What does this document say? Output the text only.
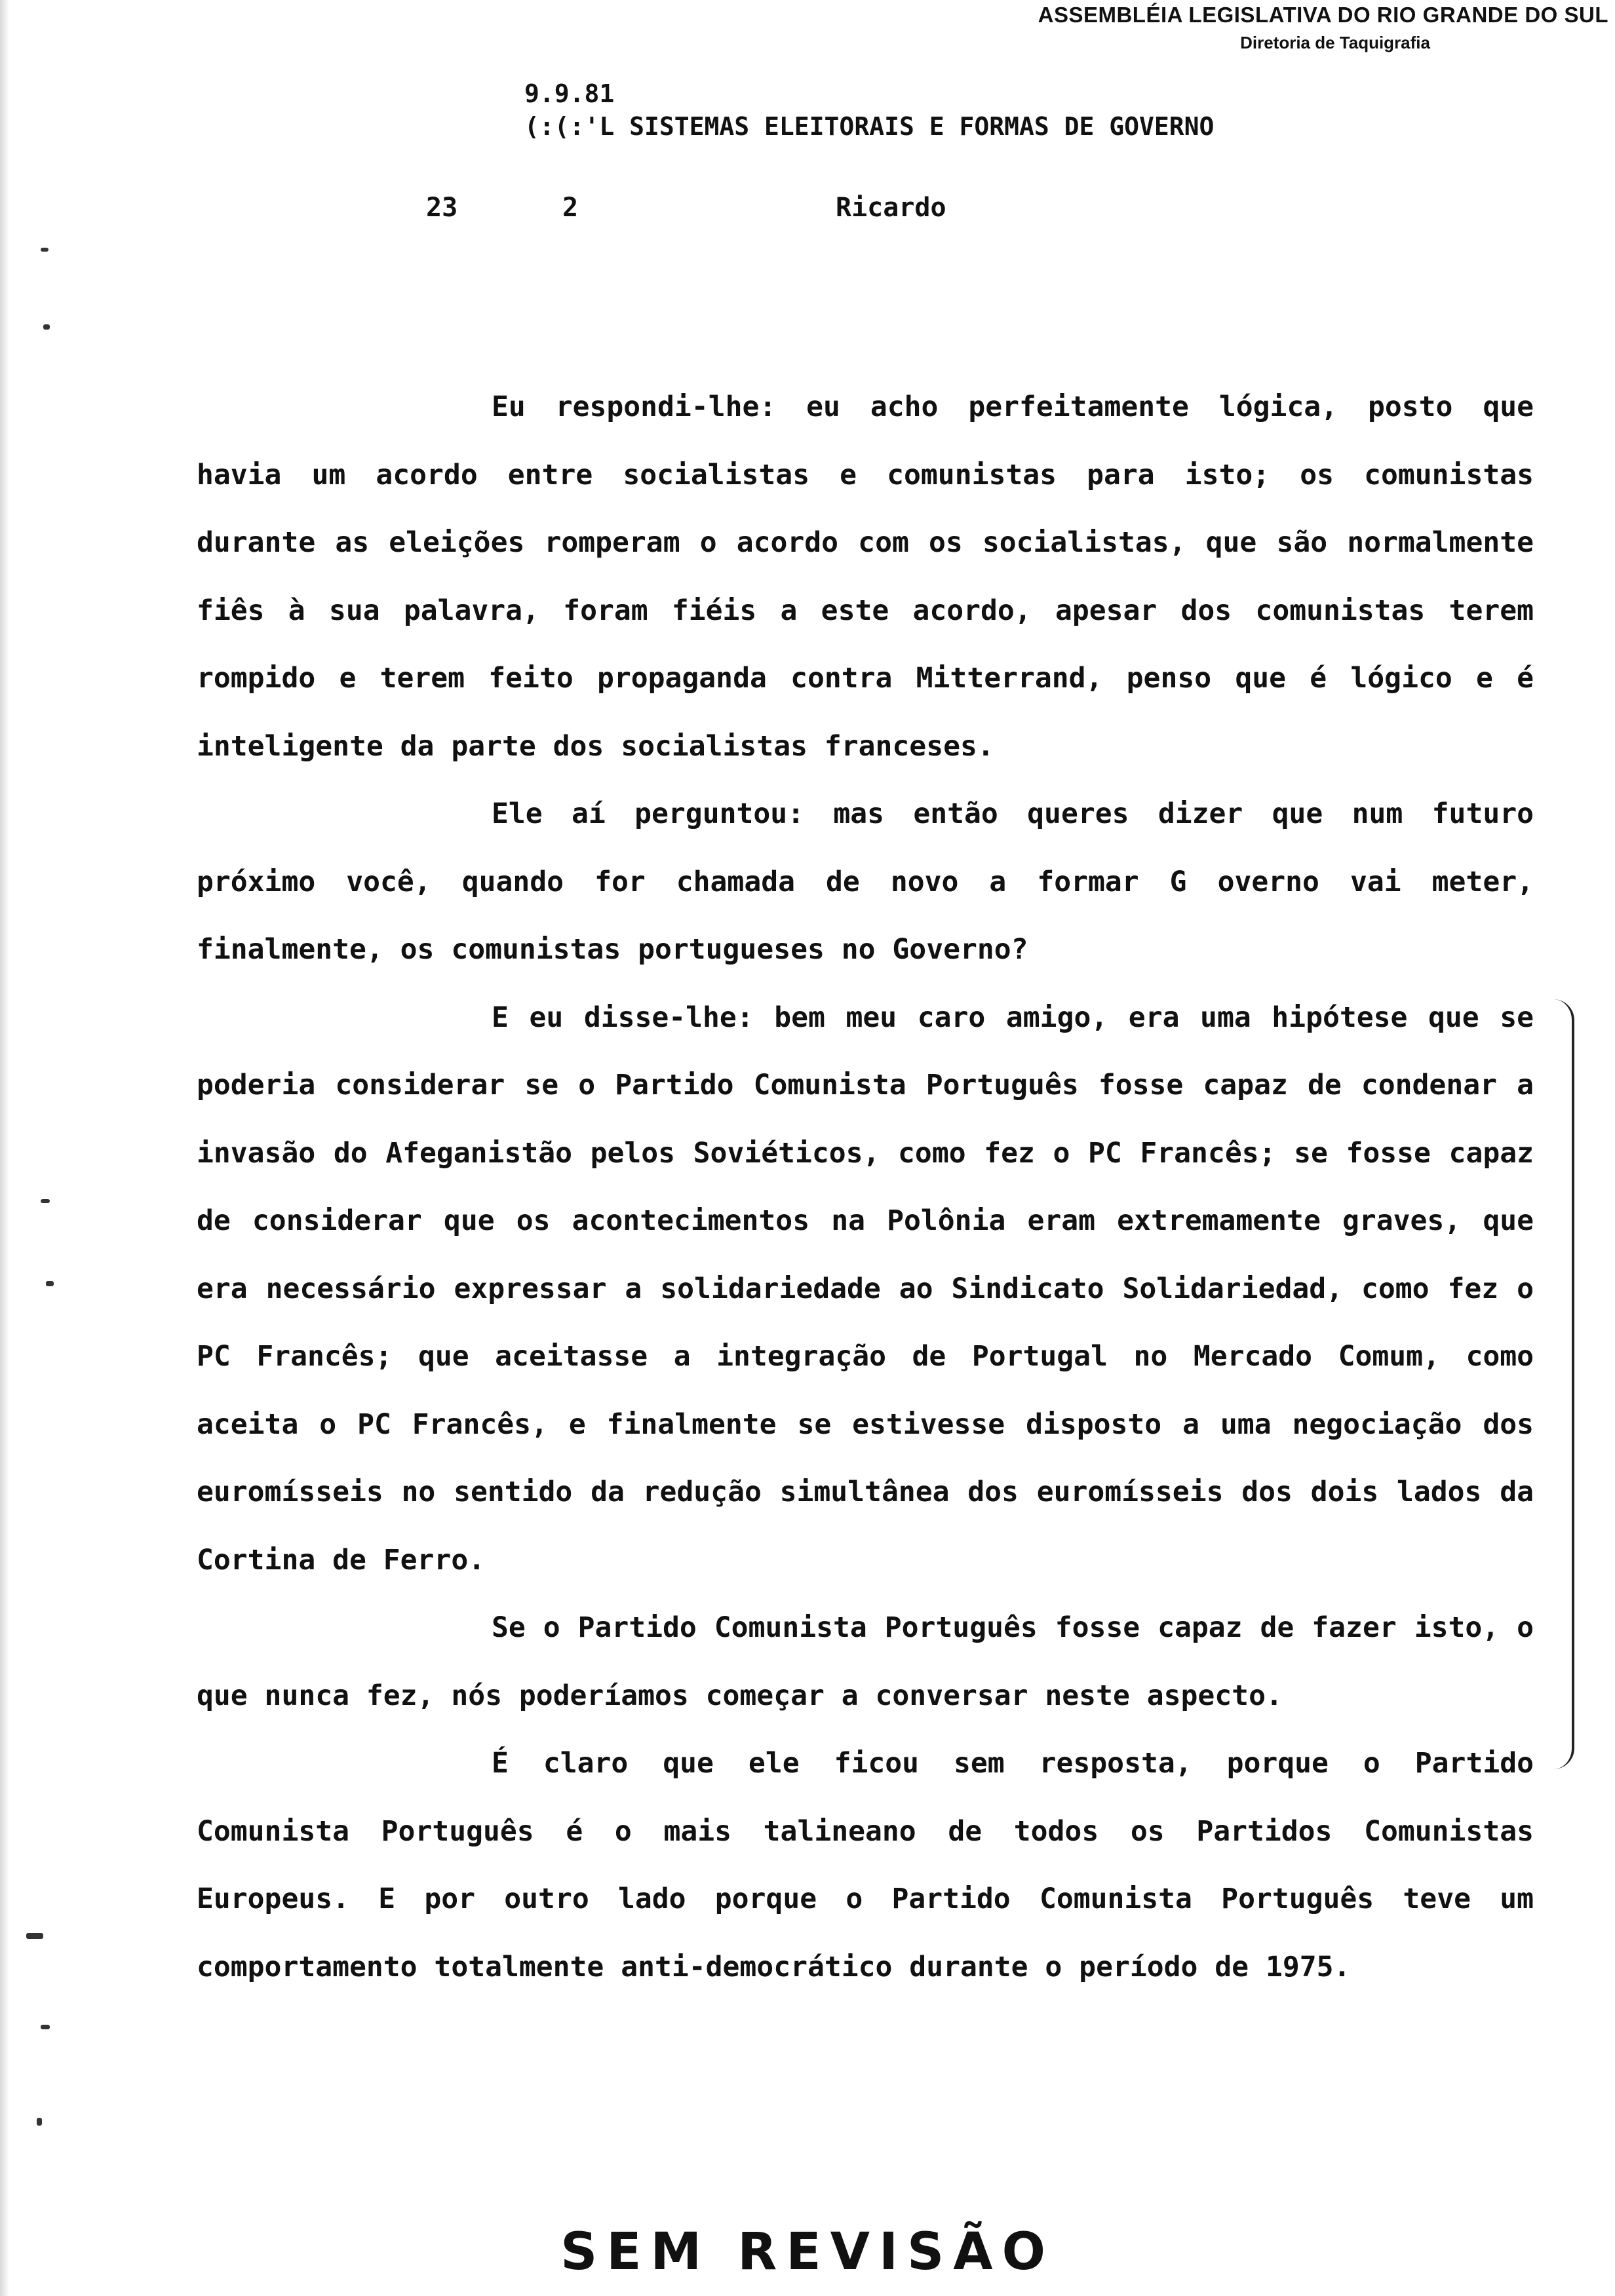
ASSEMBLÉIA LEGISLATIVA DO RIO GRANDE DO SUL
Diretoria de Taquigrafia
9.9.81
(:(:'L SISTEMAS ELEITORAIS E FORMAS DE GOVERNO
23	2	Ricardo

Eu respondi-lhe: eu acho perfeitamente lógica, posto que havia um acordo entre socialistas e comunistas para isto; os comunistas durante as eleições romperam o acordo com os socialistas, que são normalmente fiês à sua palavra, foram fiéis a este acordo, apesar dos comunistas terem rompido e terem feito propaganda contra Mitterrand, penso que é lógico e é inteligente da parte dos socialistas franceses.

Ele aí perguntou: mas então queres dizer que num futuro próximo você, quando for chamada de novo a formar G overno vai meter, finalmente, os comunistas portugueses no Governo?

E eu disse-lhe: bem meu caro amigo, era uma hipótese que se poderia considerar se o Partido Comunista Português fosse capaz de condenar a invasão do Afeganistão pelos Soviéticos, como fez o PC Francês; se fosse capaz de considerar que os acontecimentos na Polônia eram extremamente graves, que era necessário expressar a solidariedade ao Sindicato Solidariedad, como fez o PC Francês; que aceitasse a integração de Portugal no Mercado Comum, como aceita o PC Francês, e finalmente se estivesse disposto a uma negociação dos euromísseis no sentido da redução simultânea dos euromísseis dos dois lados da Cortina de Ferro.

Se o Partido Comunista Português fosse capaz de fazer isto, o que nunca fez, nós poderíamos começar a conversar neste aspecto.

É claro que ele ficou sem resposta, porque o Partido Comunista Português é o mais talineano de todos os Partidos Comunistas Europeus. E por outro lado porque o Partido Comunista Português teve um comportamento totalmente anti-democrático durante o período de 1975.

SEM REVISÃO
